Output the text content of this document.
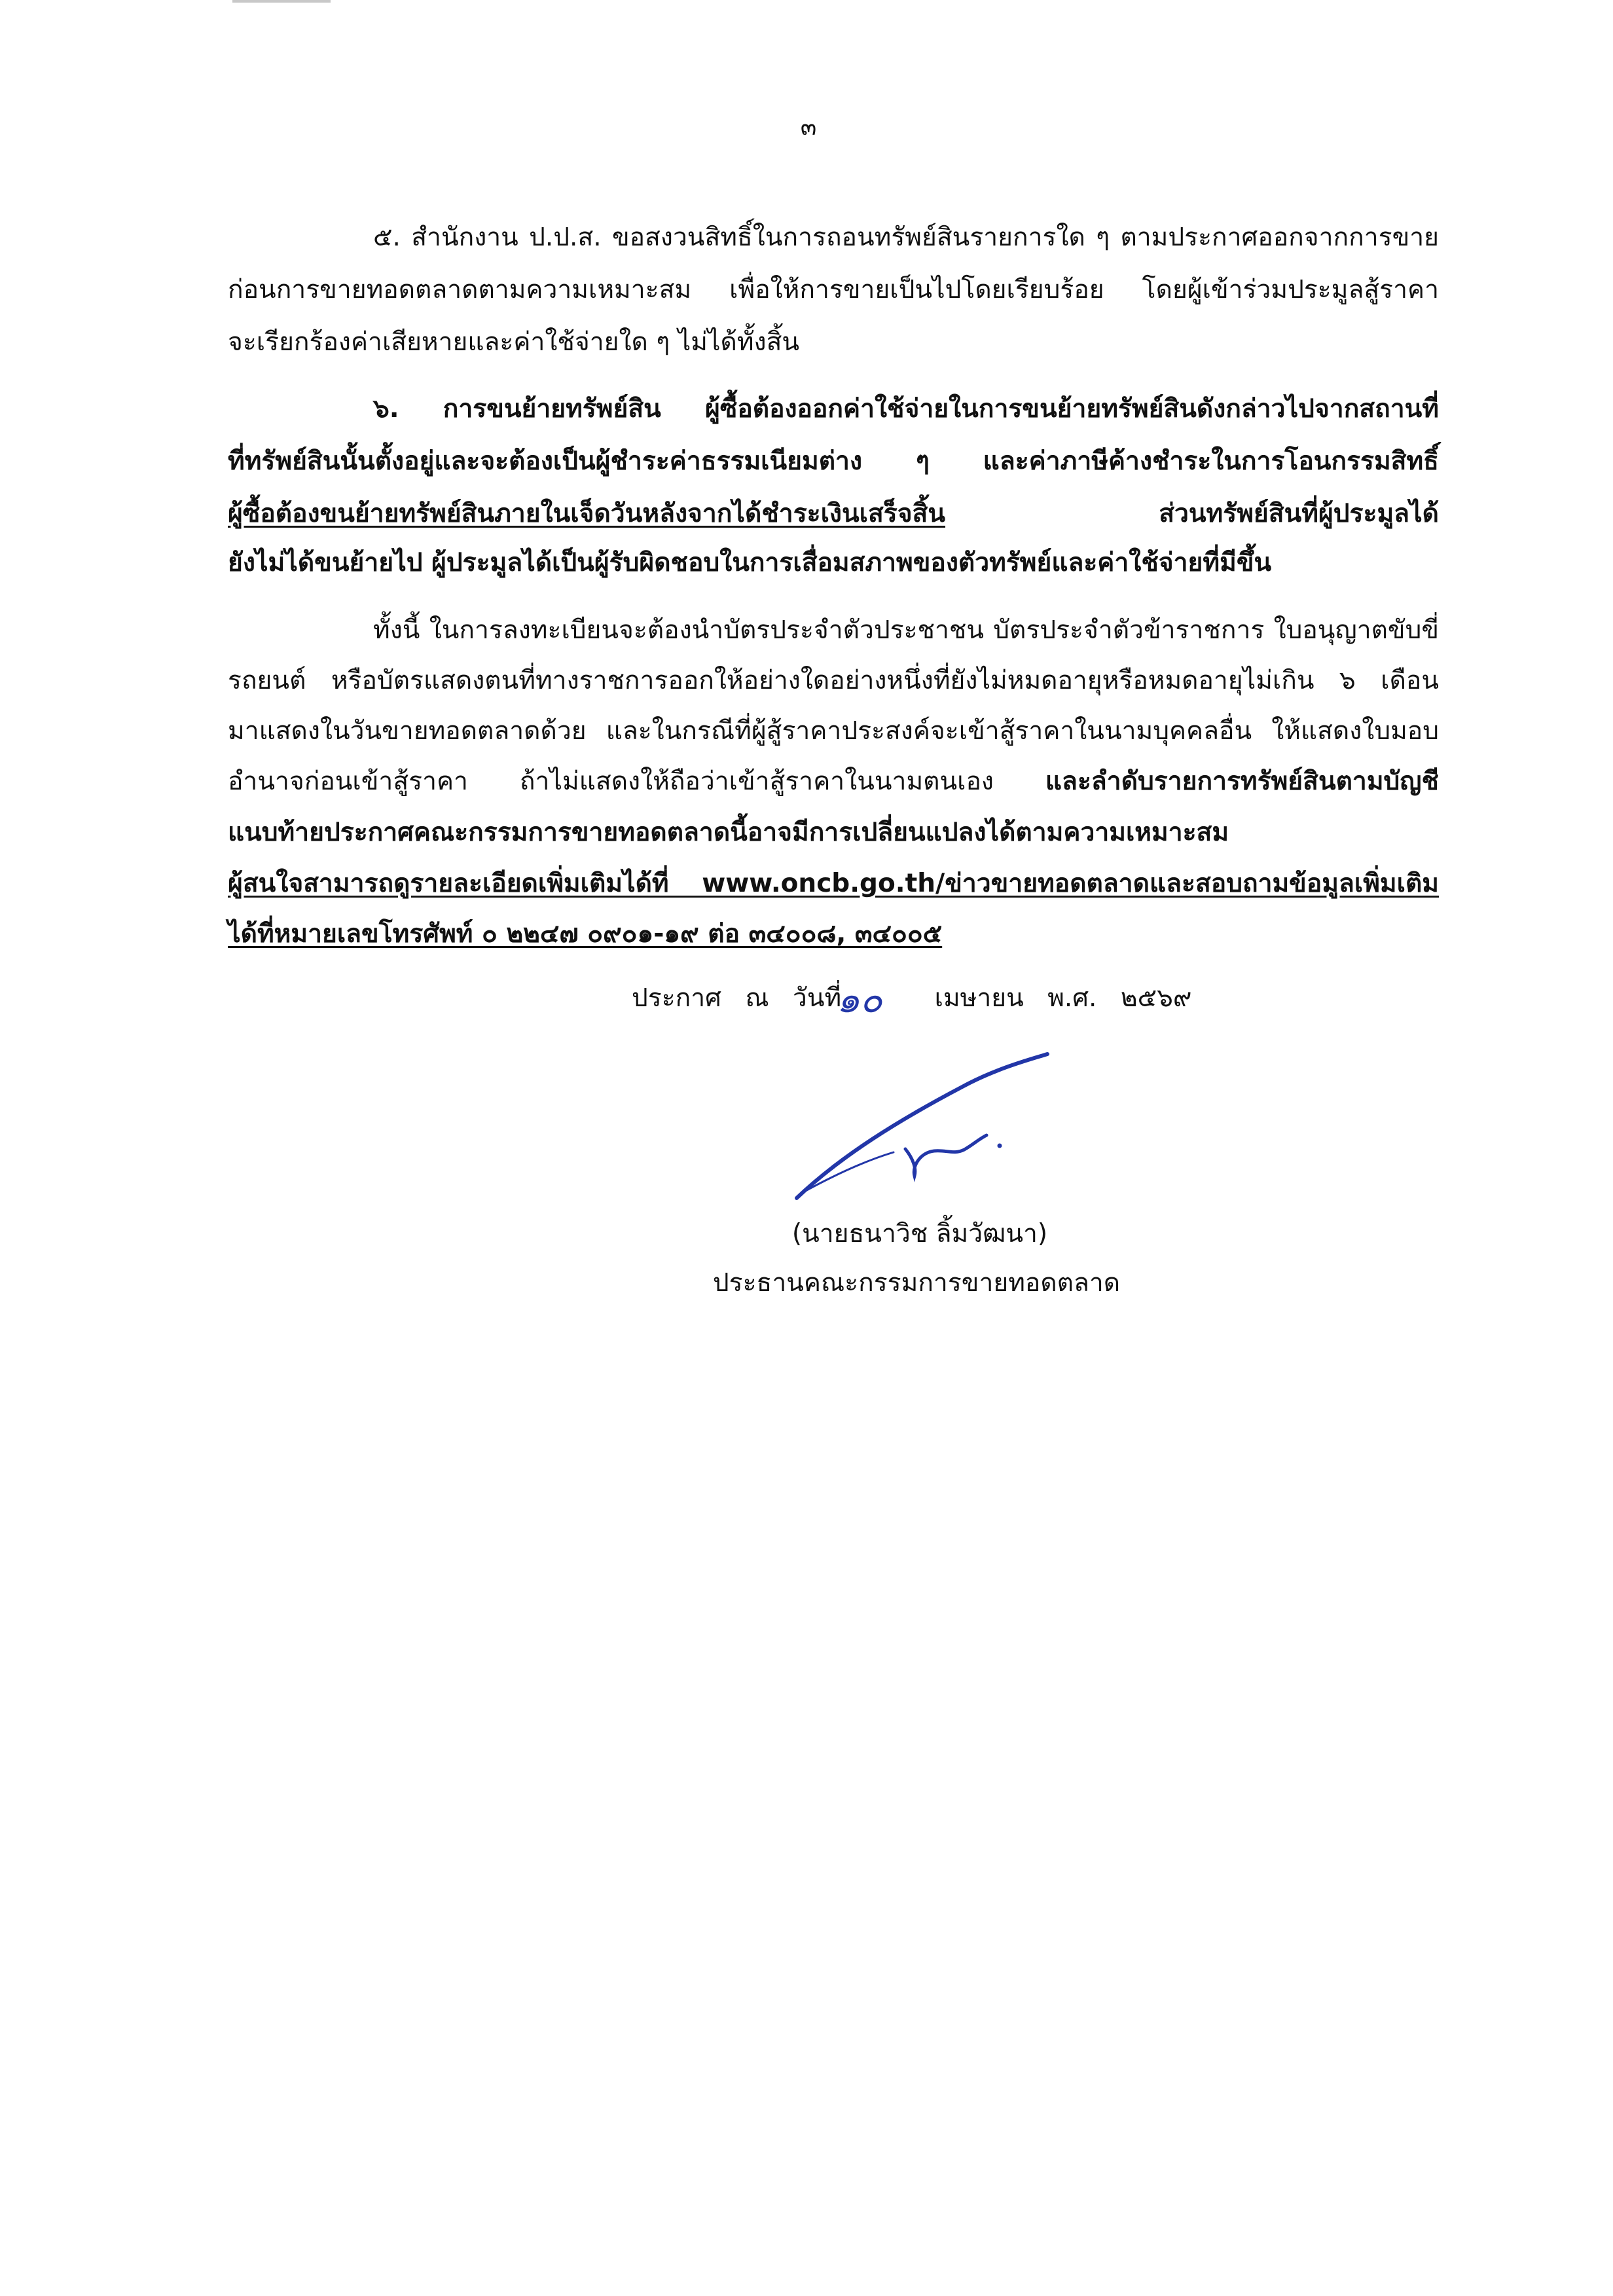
๓
๕. สำนักงาน ป.ป.ส. ขอสงวนสิทธิ์ในการถอนทรัพย์สินรายการใด ๆ ตามประกาศออกจากการขาย
ก่อนการขายทอดตลาดตามความเหมาะสม เพื่อให้การขายเป็นไปโดยเรียบร้อย โดยผู้เข้าร่วมประมูลสู้ราคา
จะเรียกร้องค่าเสียหายและค่าใช้จ่ายใด ๆ ไม่ได้ทั้งสิ้น
๖. การขนย้ายทรัพย์สิน ผู้ซื้อต้องออกค่าใช้จ่ายในการขนย้ายทรัพย์สินดังกล่าวไปจากสถานที่
ที่ทรัพย์สินนั้นตั้งอยู่และจะต้องเป็นผู้ชำระค่าธรรมเนียมต่าง ๆ และค่าภาษีค้างชำระในการโอนกรรมสิทธิ์
ผู้ซื้อต้องขนย้ายทรัพย์สินภายในเจ็ดวันหลังจากได้ชำระเงินเสร็จสิ้น	ส่วนทรัพย์สินที่ผู้ประมูลได้
ยังไม่ได้ขนย้ายไป ผู้ประมูลได้เป็นผู้รับผิดชอบในการเสื่อมสภาพของตัวทรัพย์และค่าใช้จ่ายที่มีขึ้น
ทั้งนี้ ในการลงทะเบียนจะต้องนำบัตรประจำตัวประชาชน บัตรประจำตัวข้าราชการ ใบอนุญาตขับขี่
รถยนต์ หรือบัตรแสดงตนที่ทางราชการออกให้อย่างใดอย่างหนึ่งที่ยังไม่หมดอายุหรือหมดอายุไม่เกิน ๖ เดือน
มาแสดงในวันขายทอดตลาดด้วย และในกรณีที่ผู้สู้ราคาประสงค์จะเข้าสู้ราคาในนามบุคคลอื่น ให้แสดงใบมอบ
อำนาจก่อนเข้าสู้ราคา ถ้าไม่แสดงให้ถือว่าเข้าสู้ราคาในนามตนเอง และลำดับรายการทรัพย์สินตามบัญชี
แนบท้ายประกาศคณะกรรมการขายทอดตลาดนี้อาจมีการเปลี่ยนแปลงได้ตามความเหมาะสม
ผู้สนใจสามารถดูรายละเอียดเพิ่มเติมได้ที่ www.oncb.go.th/ข่าวขายทอดตลาดและสอบถามข้อมูลเพิ่มเติม
ได้ที่หมายเลขโทรศัพท์ ๐ ๒๒๔๗ ๐๙๐๑-๑๙ ต่อ ๓๔๐๐๘, ๓๔๐๐๕
ประกาศ ณ วันที่	เมษายน พ.ศ. ๒๕๖๙
๑๐
(นายธนาวิช ลิ้มวัฒนา)
ประธานคณะกรรมการขายทอดตลาด
